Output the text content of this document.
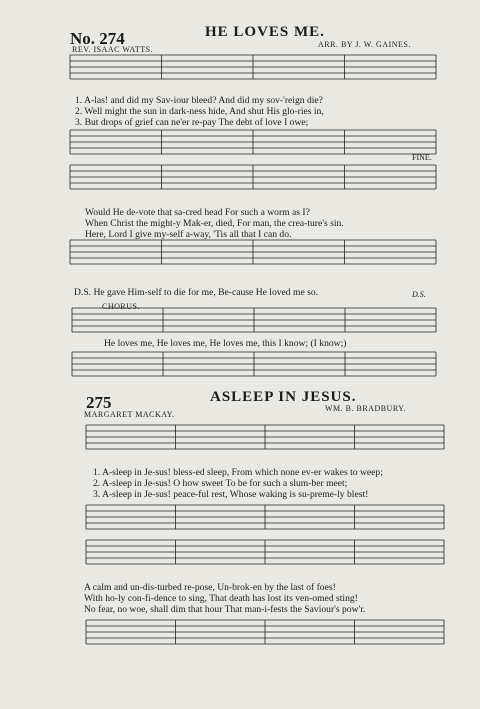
No. 274	HE LOVES ME.
REV. ISAAC WATTS.
ARR. BY J. W. GAINES.
1. A-las! and did my Sav-iour bleed? And did my sov-'reign die?
2. Well might the sun in dark-ness hide, And shut His glo-ries in,
3. But drops of grief can ne'er re-pay The debt of love I owe;
FINE.
Would He de-vote that sa-cred head For such a worm as I?
When Christ the might-y Mak-er, died, For man, the crea-ture's sin.
Here, Lord I give my-self a-way, 'Tis all that I can do.
D.S. He gave Him-self to die for me, Be-cause He loved me so.
CHORUS.
D.S.
He loves me, He loves me, He loves me, this I know; (I know;)
275	ASLEEP IN JESUS.
MARGARET MACKAY.
WM. B. BRADBURY.
1. A-sleep in Je-sus! bless-ed sleep, From which none ev-er wakes to weep;
2. A-sleep in Je-sus! O how sweet To be for such a slum-ber meet;
3. A-sleep in Je-sus! peace-ful rest, Whose waking is su-preme-ly blest!
A calm and un-dis-turbed re-pose, Un-brok-en by the last of foes!
With ho-ly con-fi-dence to sing, That death has lost its ven-omed sting!
No fear, no woe, shall dim that hour That man-i-fests the Saviour's pow'r.
